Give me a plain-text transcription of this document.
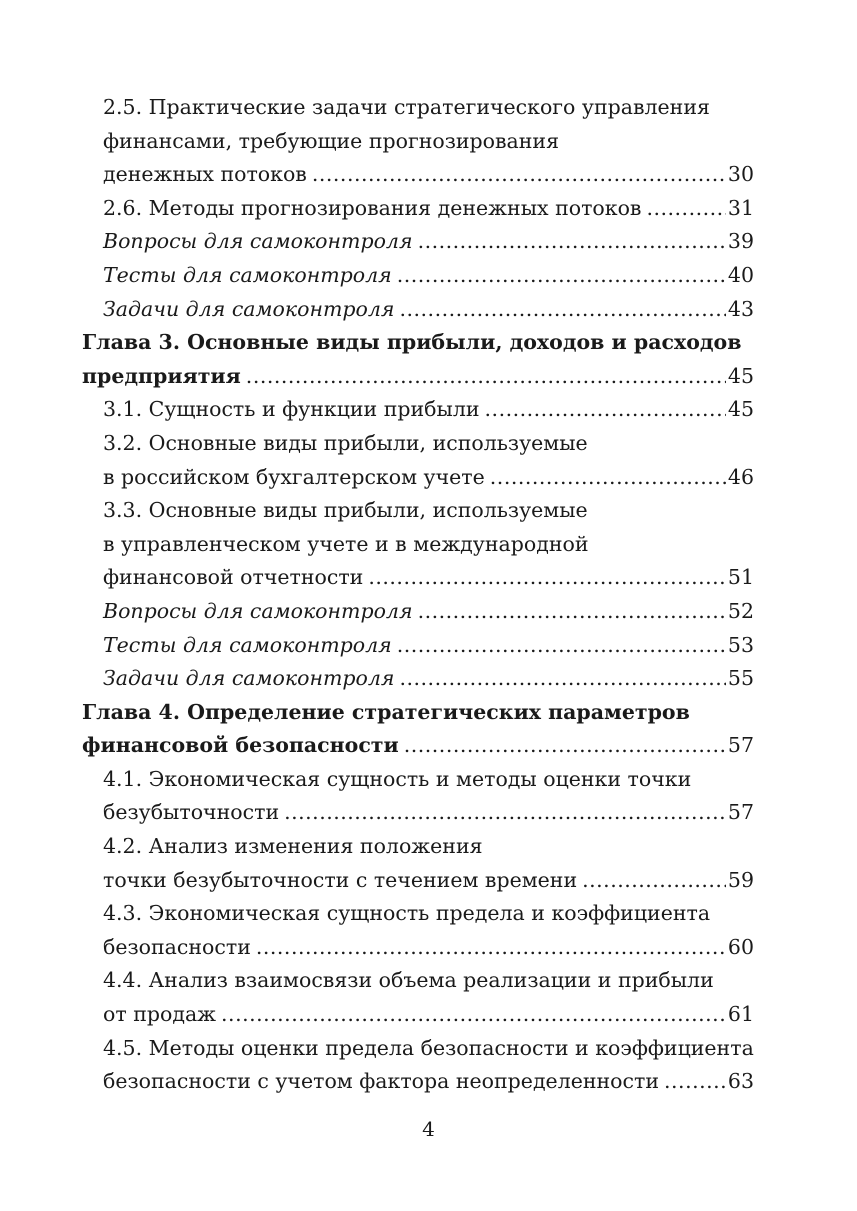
2.5. Практические задачи стратегического управления
финансами, требующие прогнозирования
денежных потоков .....	30
2.6. Методы прогнозирования денежных потоков .....	31
Вопросы для самоконтроля .....	39
Тесты для самоконтроля .....	40
Задачи для самоконтроля .....	43
Глава 3. Основные виды прибыли, доходов и расходов
предприятия .....	45
3.1. Сущность и функции прибыли .....	45
3.2. Основные виды прибыли, используемые
в российском бухгалтерском учете .....	46
3.3. Основные виды прибыли, используемые
в управленческом учете и в международной
финансовой отчетности .....	51
Вопросы для самоконтроля .....	52
Тесты для самоконтроля .....	53
Задачи для самоконтроля .....	55
Глава 4. Определение стратегических параметров
финансовой безопасности .....	57
4.1. Экономическая сущность и методы оценки точки
безубыточности .....	57
4.2. Анализ изменения положения
точки безубыточности с течением времени .....	59
4.3. Экономическая сущность предела и коэффициента
безопасности .....	60
4.4. Анализ взаимосвязи объема реализации и прибыли
от продаж .....	61
4.5. Методы оценки предела безопасности и коэффициента
безопасности с учетом фактора неопределенности .....	63
4
